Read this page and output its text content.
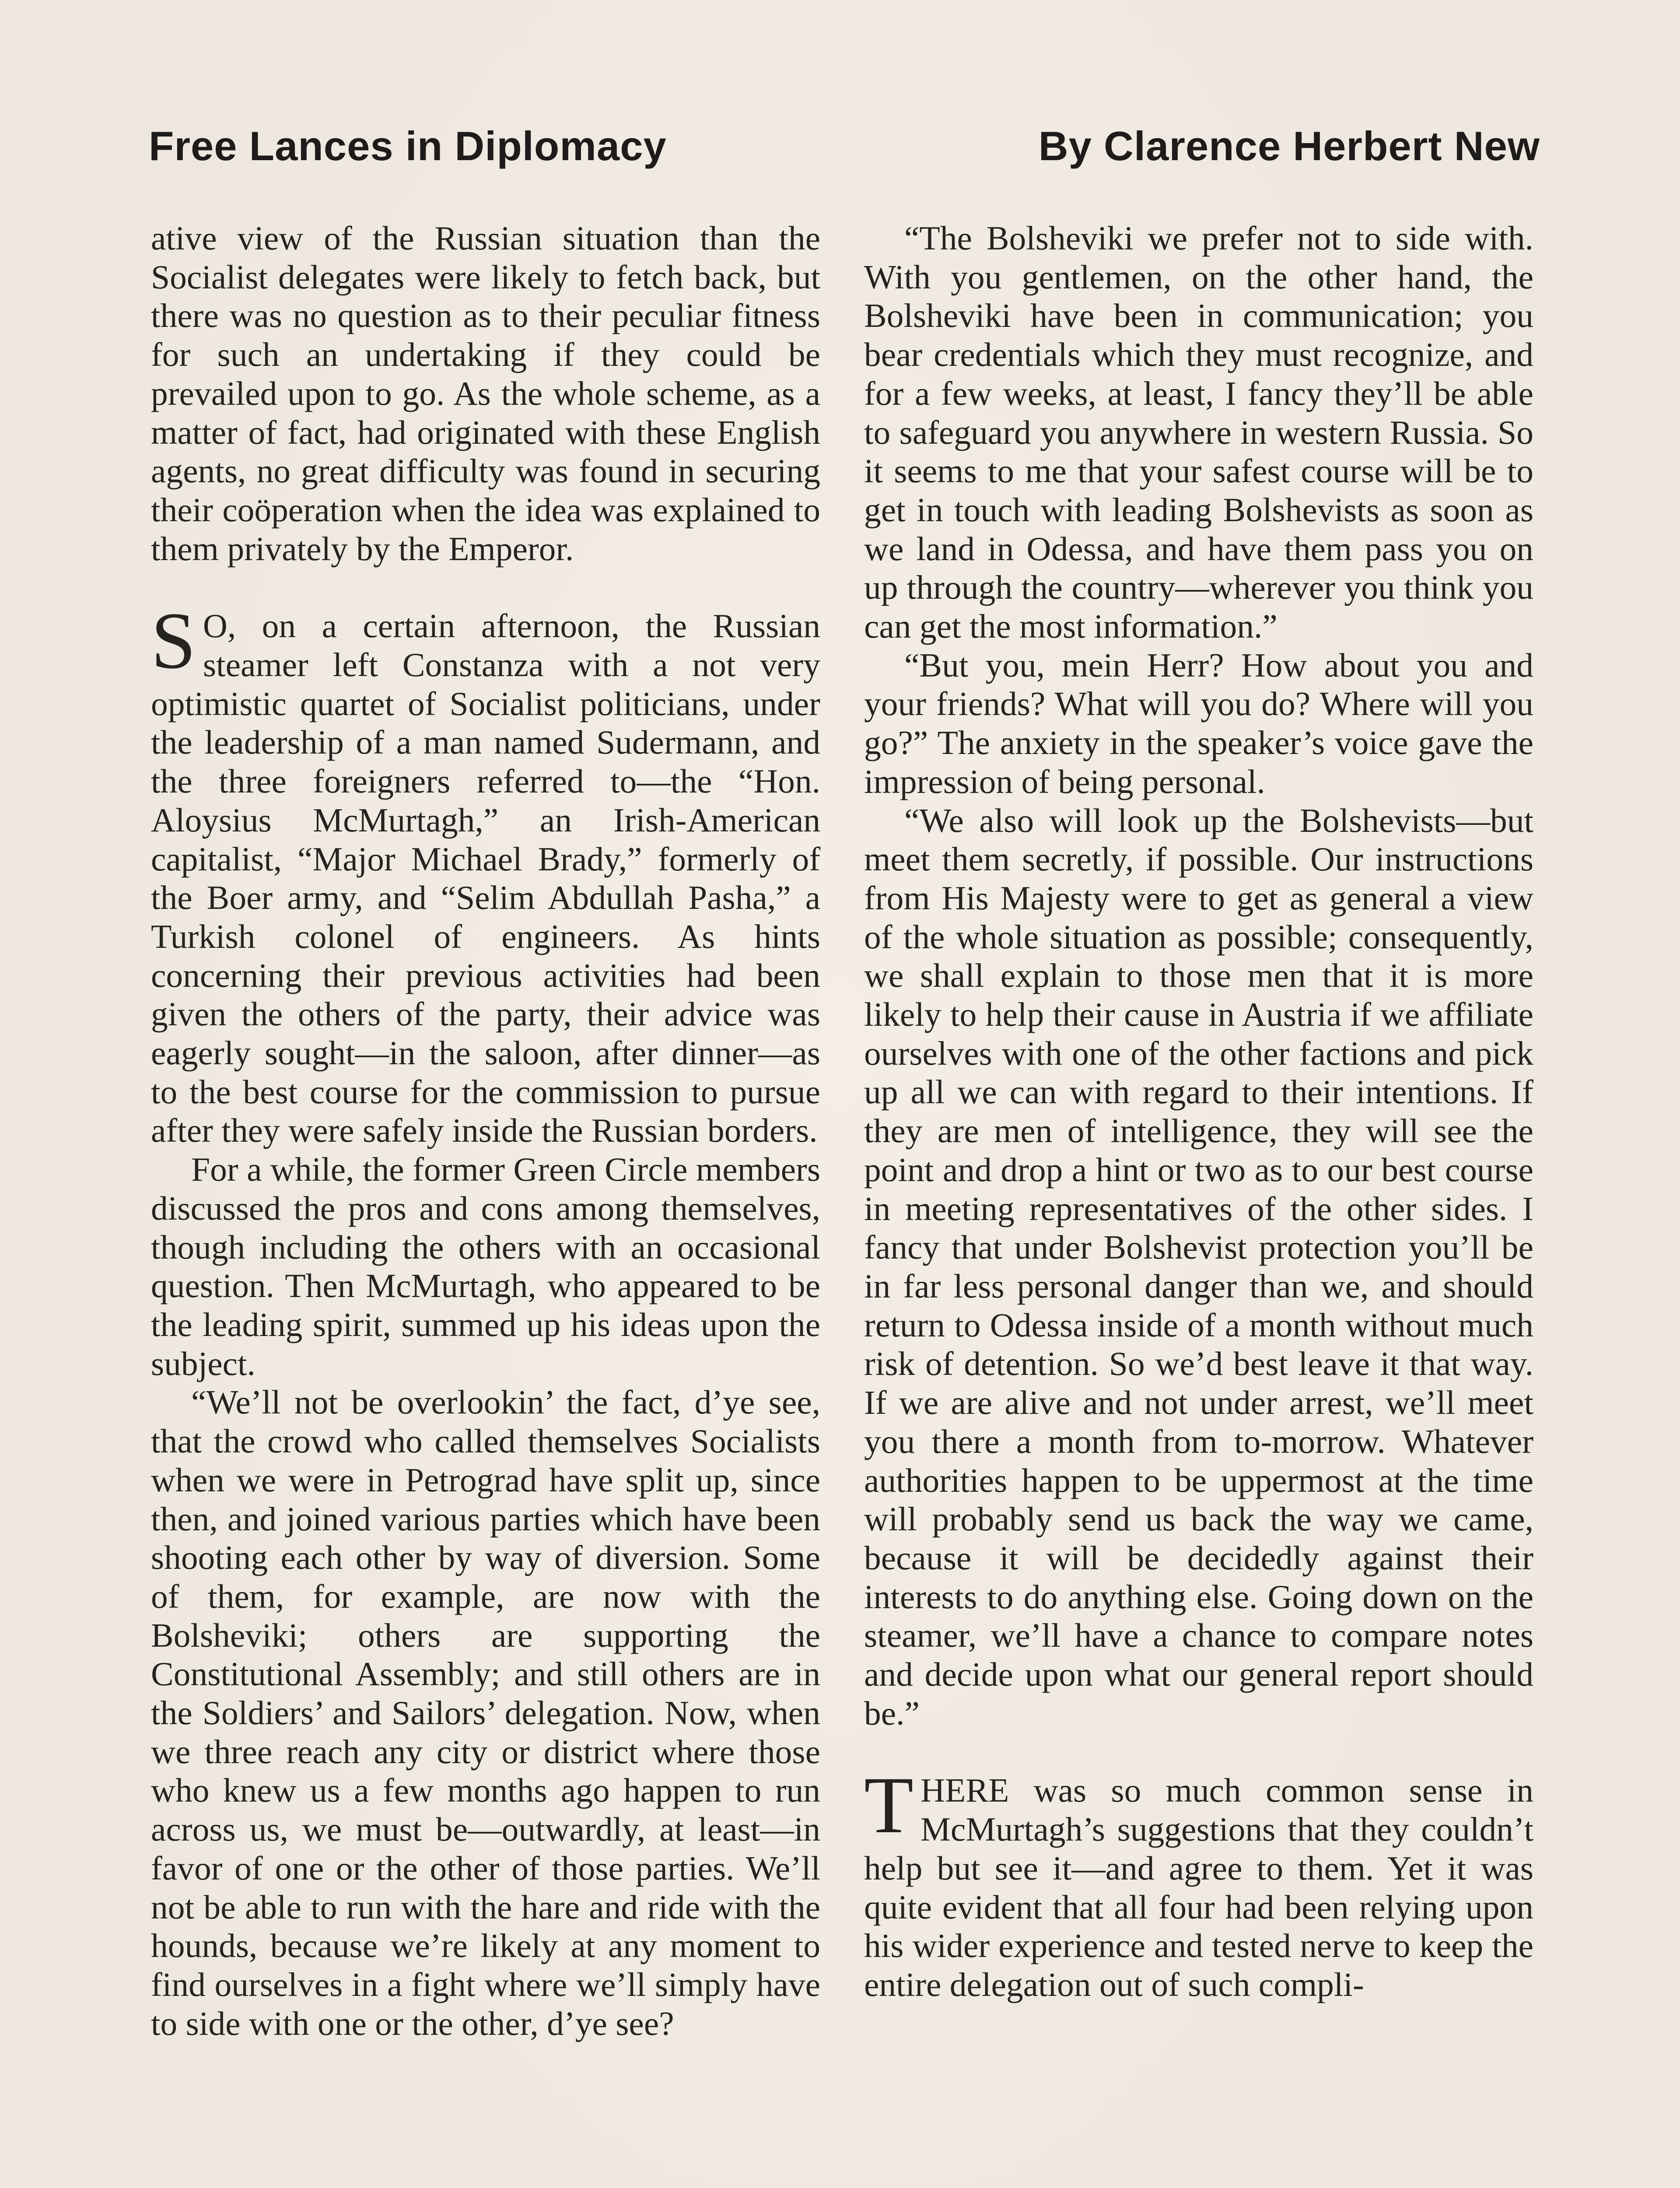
Free Lances in Diplomacy	By Clarence Herbert New

ative view of the Russian situation than the Socialist delegates were likely to fetch back, but there was no question as to their peculiar fitness for such an undertaking if they could be prevailed upon to go. As the whole scheme, as a matter of fact, had originated with these English agents, no great difficulty was found in securing their coöperation when the idea was explained to them privately by the Emperor.

S O, on a certain afternoon, the Russian steamer left Constanza with a not very optimistic quartet of Socialist politicians, under the leadership of a man named Sudermann, and the three foreigners referred to—the “Hon. Aloysius McMurtagh,” an Irish-American capitalist, “Major Michael Brady,” formerly of the Boer army, and “Selim Abdullah Pasha,” a Turkish colonel of engineers. As hints concerning their previous activities had been given the others of the party, their advice was eagerly sought—in the saloon, after dinner—as to the best course for the commission to pursue after they were safely inside the Russian borders.

For a while, the former Green Circle members discussed the pros and cons among themselves, though including the others with an occasional question. Then McMurtagh, who appeared to be the leading spirit, summed up his ideas upon the subject.

“We’ll not be overlookin’ the fact, d’ye see, that the crowd who called themselves Socialists when we were in Petrograd have split up, since then, and joined various parties which have been shooting each other by way of diversion. Some of them, for example, are now with the Bolsheviki; others are supporting the Constitutional Assembly; and still others are in the Soldiers’ and Sailors’ delegation. Now, when we three reach any city or district where those who knew us a few months ago happen to run across us, we must be—outwardly, at least—in favor of one or the other of those parties. We’ll not be able to run with the hare and ride with the hounds, because we’re likely at any moment to find ourselves in a fight where we’ll simply have to side with one or the other, d’ye see?

“The Bolsheviki we prefer not to side with. With you gentlemen, on the other hand, the Bolsheviki have been in communication; you bear credentials which they must recognize, and for a few weeks, at least, I fancy they’ll be able to safeguard you anywhere in western Russia. So it seems to me that your safest course will be to get in touch with leading Bolshevists as soon as we land in Odessa, and have them pass you on up through the country—wherever you think you can get the most information.”

“But you, mein Herr? How about you and your friends? What will you do? Where will you go?” The anxiety in the speaker’s voice gave the impression of being personal.

“We also will look up the Bolshevists—but meet them secretly, if possible. Our instructions from His Majesty were to get as general a view of the whole situation as possible; consequently, we shall explain to those men that it is more likely to help their cause in Austria if we affiliate ourselves with one of the other factions and pick up all we can with regard to their intentions. If they are men of intelligence, they will see the point and drop a hint or two as to our best course in meeting representatives of the other sides. I fancy that under Bolshevist protection you’ll be in far less personal danger than we, and should return to Odessa inside of a month without much risk of detention. So we’d best leave it that way. If we are alive and not under arrest, we’ll meet you there a month from to-morrow. Whatever authorities happen to be uppermost at the time will probably send us back the way we came, because it will be decidedly against their interests to do anything else. Going down on the steamer, we’ll have a chance to compare notes and decide upon what our general report should be.”

THERE was so much common sense in McMurtagh’s suggestions that they couldn’t help but see it—and agree to them. Yet it was quite evident that all four had been relying upon his wider experience and tested nerve to keep the entire delegation out of such compli-
